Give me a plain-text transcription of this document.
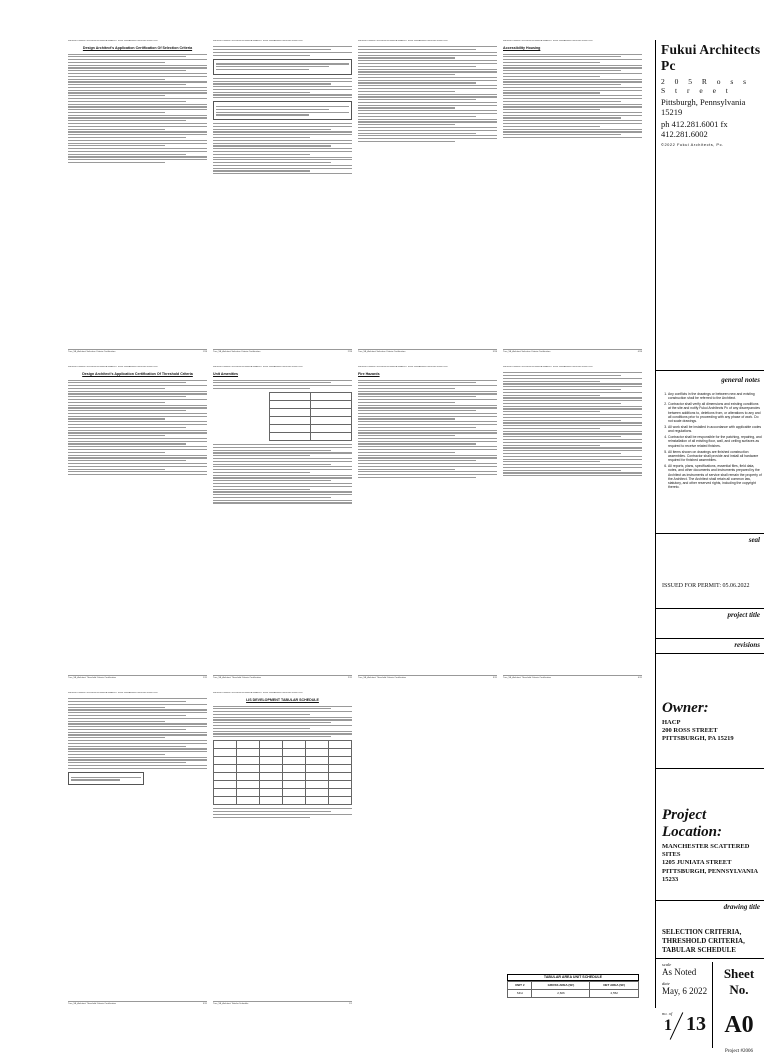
PENNSYLVANIA HOUSING FINANCE AGENCY 2021 UNDERWRITING APPLICATION
Design Architect's Application Certification Of Selection Criteria
Trav_5B_Architect Selection Criteria Certification	1/19
PENNSYLVANIA HOUSING FINANCE AGENCY 2021 UNDERWRITING APPLICATION
Trav_5B_Architect Selection Criteria Certification	2/19
PENNSYLVANIA HOUSING FINANCE AGENCY 2021 UNDERWRITING APPLICATION
Trav_5B_Architect Selection Criteria Certification	3/19
PENNSYLVANIA HOUSING FINANCE AGENCY 2021 UNDERWRITING APPLICATION
Accessibility Housing
Trav_5B_Architect Selection Criteria Certification	4/19
PENNSYLVANIA HOUSING FINANCE AGENCY 2021 UNDERWRITING APPLICATION
Design Architect's Application Certification Of Threshold Criteria
Trav_5B_Architect Threshold Criteria Certification	1/11
PENNSYLVANIA HOUSING FINANCE AGENCY 2021 UNDERWRITING APPLICATION
Unit Amenities

Trav_5B_Architect Threshold Criteria Certification	2/11
PENNSYLVANIA HOUSING FINANCE AGENCY 2021 UNDERWRITING APPLICATION
Fire Hazards
Trav_5B_Architect Threshold Criteria Certification	3/11
PENNSYLVANIA HOUSING FINANCE AGENCY 2021 UNDERWRITING APPLICATION
Trav_5B_Architect Threshold Criteria Certification	4/11
PENNSYLVANIA HOUSING FINANCE AGENCY 2021 UNDERWRITING APPLICATION
Trav_5B_Architect Threshold Criteria Certification	5/11
PENNSYLVANIA HOUSING FINANCE AGENCY 2021 UNDERWRITING APPLICATION
LIS DEVELOPMENT TABULAR SCHEDULE

Trav_5B_Architect Tabular Schedule	1/1
TABULAR AREA UNIT SCHEDULE
UNIT #	GROSS AREA (SF)	NET AREA (SF)
SFH	2,606	2,552
Fukui Architects Pc
2 0 5 R o s s S t r e e t
Pittsburgh, Pennsylvania 15219
ph 412.281.6001 fx 412.281.6002
©2022 Fukui Architects, Pc.
general notes
1. Any conflicts in the drawings or between new and existing construction shall be referred to the Architect.
2. Contractor shall verify all dimensions and existing conditions at the site and notify Fukui Architects Pc of any discrepancies between additions to, deletions from, or alterations to any and all conditions prior to proceeding with any phase of work. Do not scale drawings.
3. All work shall be installed in accordance with applicable codes and regulations.
4. Contractor shall be responsible for the patching, repairing, and reinstallation of all existing floor, wall, and ceiling surfaces as required to receive related finishes.
5. All items shown on drawings are finished construction assemblies. Contractor shall provide and install all hardware required for finished assemblies.
6. All reports, plans, specifications, essential files, field data, notes, and other documents and instruments prepared by the Architect as instruments of service shall remain the property of the Architect. The Architect shall retain all common law, statutory, and other reserved rights, including the copyright thereto.
seal
ISSUED FOR PERMIT: 05.06.2022
project title
revisions
Owner:
HACP
200 ROSS STREET
PITTSBURGH, PA 15219
Project Location:
MANCHESTER SCATTERED SITES
1205 JUNIATA STREET
PITTSBURGH, PENNSYLVANIA
15233
drawing title
SELECTION CRITERIA,
THRESHOLD CRITERIA,
TABULAR SCHEDULE
scale
As Noted
date
May, 6 2022
no. of
1 13
Sheet No.
A0
Project #2006
